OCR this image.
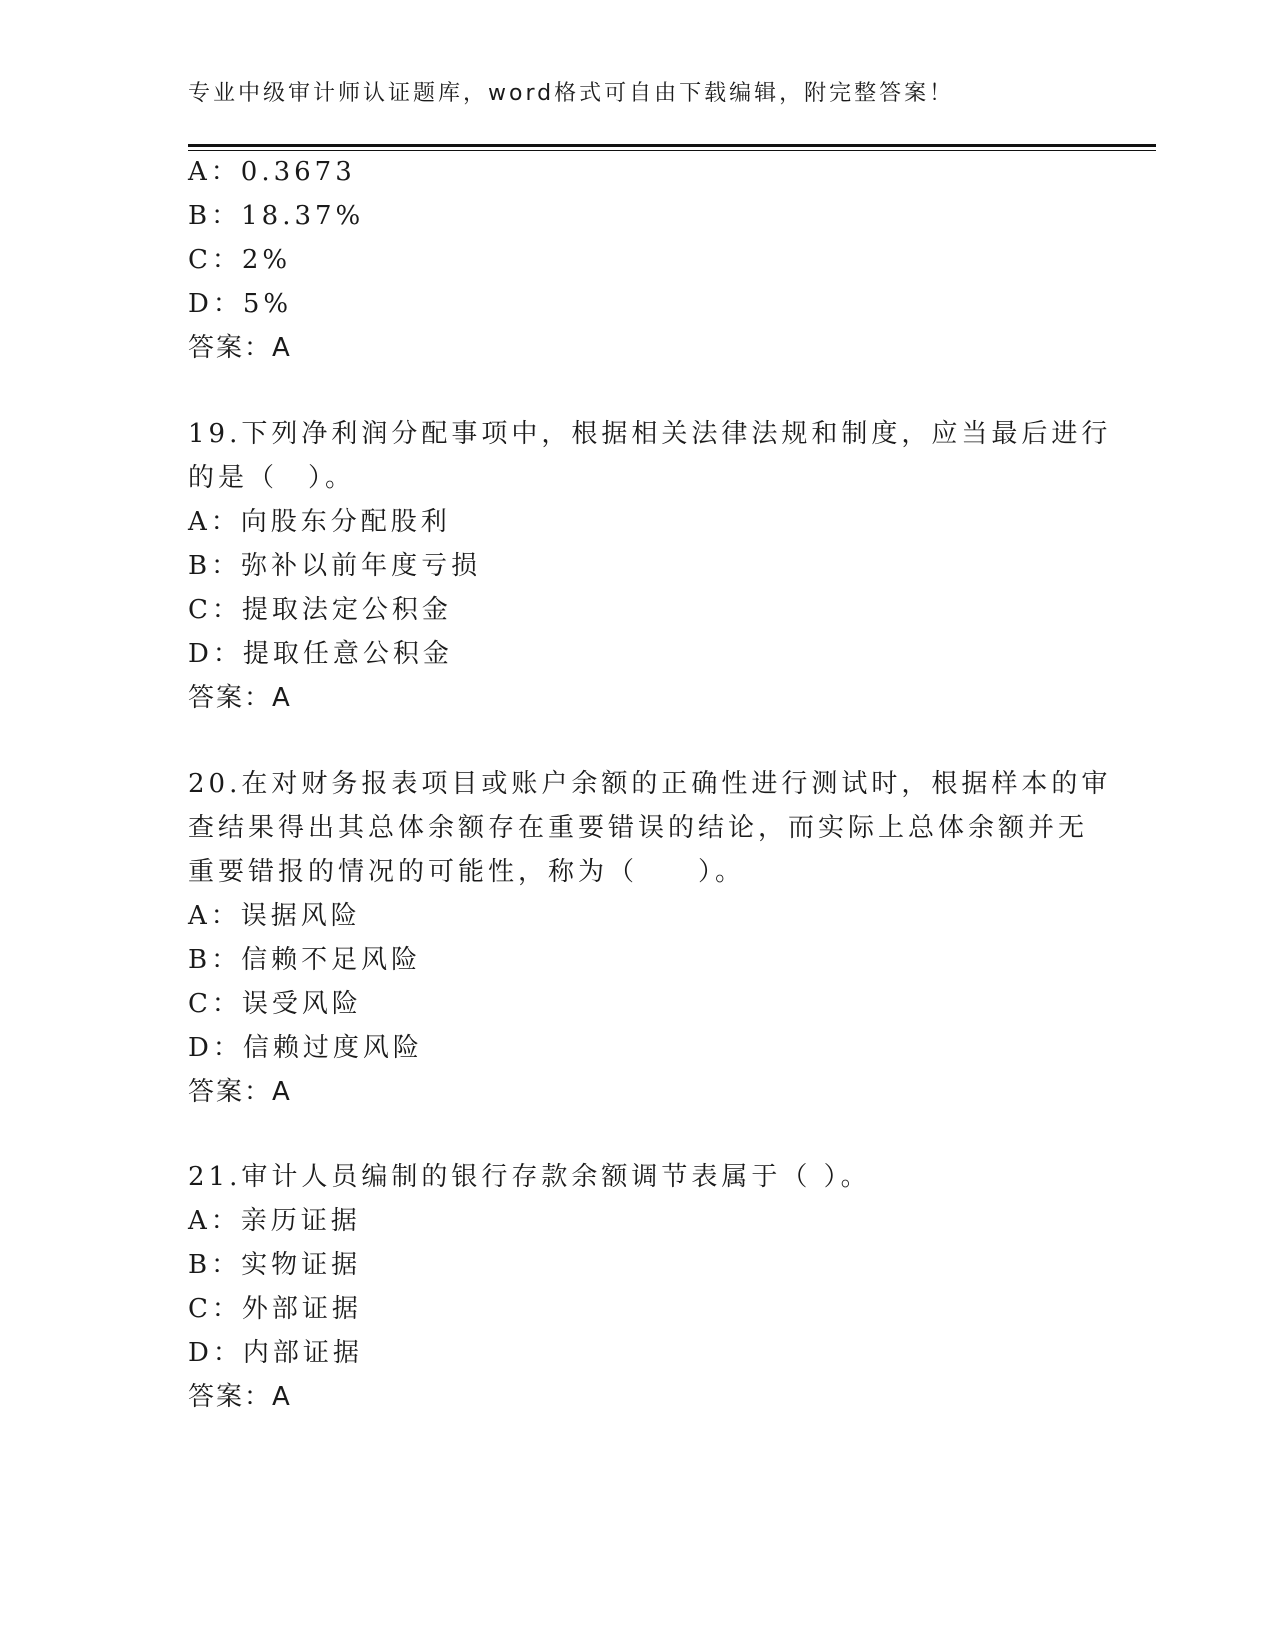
专业中级审计师认证题库，word格式可自由下载编辑，附完整答案！
A：0.3673
B：18.37%
C：2%
D：5%
答案：A
19.下列净利润分配事项中，根据相关法律法规和制度，应当最后进行
的是（　）。
A：向股东分配股利
B：弥补以前年度亏损
C：提取法定公积金
D：提取任意公积金
答案：A
20.在对财务报表项目或账户余额的正确性进行测试时，根据样本的审
查结果得出其总体余额存在重要错误的结论，而实际上总体余额并无
重要错报的情况的可能性，称为（　　）。
A：误据风险
B：信赖不足风险
C：误受风险
D：信赖过度风险
答案：A
21.审计人员编制的银行存款余额调节表属于（ ）。
A：亲历证据
B：实物证据
C：外部证据
D：内部证据
答案：A
